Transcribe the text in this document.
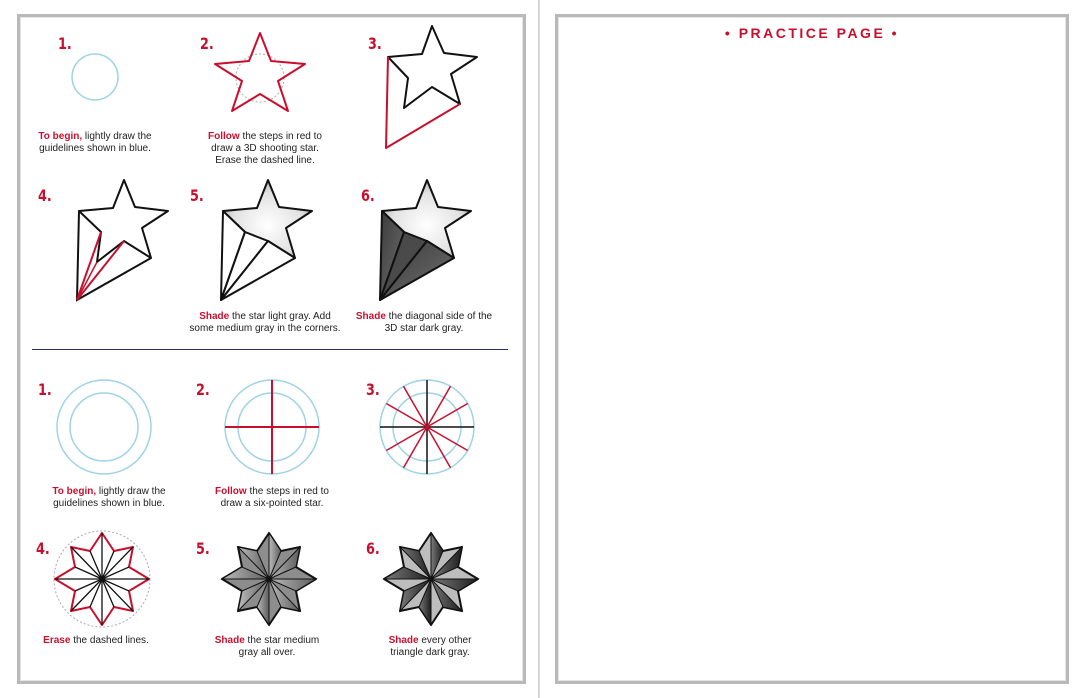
• PRACTICE PAGE •
1.	2.	3.
4.	5.	6.
To begin, lightly draw the
guidelines shown in blue.
Follow the steps in red to
draw a 3D shooting star.
Erase the dashed line.
Shade the star light gray. Add
some medium gray in the corners.
Shade the diagonal side of the
3D star dark gray.
1.	2.	3.
4.	5.	6.
To begin, lightly draw the
guidelines shown in blue.
Follow the steps in red to
draw a six-pointed star.
Erase the dashed lines.	Shade the star medium
gray all over.
Shade every other
triangle dark gray.
